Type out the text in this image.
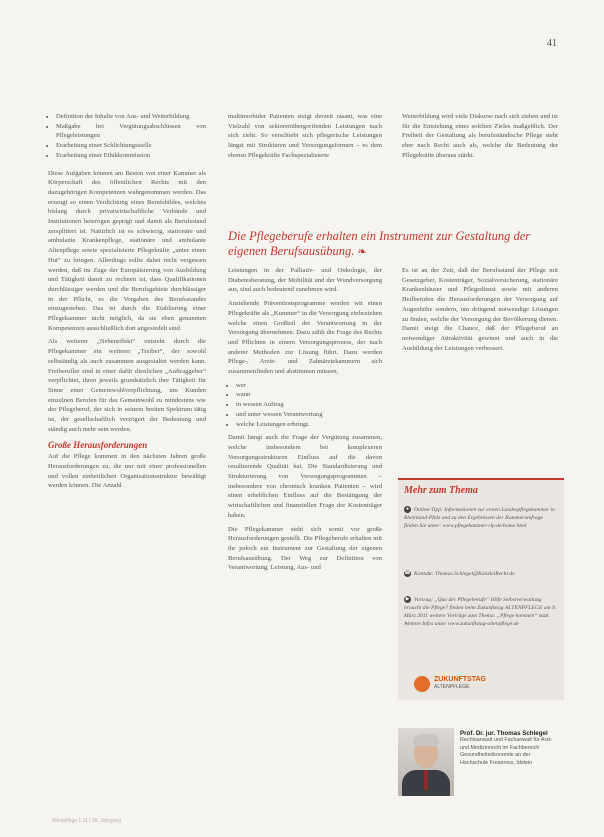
41
• Definition der Inhalte von Aus- und Weiterbildung
• Maßgabe bei Vergütungsabschlüssen von Pflegeleistungen
• Erarbeitung einer Schlichtungsstelle
• Erarbeitung einer Ethikkommission

Diese Aufgaben können am Besten von einer Kammer als Körperschaft des öffentlichen Rechts mit den dazugehörigen Kompetenzen wahrgenommen werden. Das erzeugt so einen Verdichtung eines Berufsbildes, welches bislang durch privatwirtschaftliche Verbände und Institutionen heterogen geprägt und damit als Berufsstand zersplittert ist. Natürlich ist es schwierig, stationäre und ambulante Krankenpflege, stationäre und ambulante Altenpflege sowie spezialisierte Pflegekräfte „unter einen Hut“ zu bringen. Allerdings sollte dabei nicht vergessen werden, daß im Zuge der Europäisierung von Ausbildung und Tätigkeit damit zu rechnen ist, dass Qualifikationen durchlässiger werden und die Berufsgebiete durchlässiger in der Pflicht, es die Vorgaben des Berufsstandes einzugestehen. Das ist durch die Etablierung einer Pflegekammer nicht möglich, da sie eben genannten Kompetenzen ausschließlich dort angesiedelt sind.

Als weiterer „Nebeneffekt“ entsteht durch die Pflegekammer ein weiterer „Treiber“, der sowohl selbständig als auch zusammen ausgestaltet werden kann. Freiberufler sind in einer dafür dienlichen „Auftraggeber“ verpflichtet, ihren jeweils grundsätzlich ihre Tätigkeit für Sinne einer Gemeinwohlverpflichtung, um Kunden einzelnen Berufen für das Gemeinwohl zu mindestens wie der Pflegeberuf, der sich in seinem breiten Spektrum tätig ist, der gesellschaftlich verzögert der Bedeutung und ständig auch mehr sein werden.

Große Herausforderungen

Auf die Pflege kommen in den nächsten Jahren große Herausforderungen zu, die nur mit einer professionellen und vollen einheitlichen Organisationsstruktur bewältigt werden können. Die Anzahl

multimorbider Patienten steigt derzeit rasant, was eine Vielzahl von sektorenübergreifenden Leistungen nach sich zieht. So verschiebt sich pflegerische Leistungen längst mit Strukturen und Versorgungsformen – es dem ebenso Pflegekräfte Fachspezialisierte

Weiterbildung wird viele Diskurse nach sich ziehen und ist für die Entstehung eines solchen Zieles maßgeblich. Der Freiheit der Gestaltung als berufsständische Pflege steht eher nach Recht auch als, welche die Bedeutung der Pflegekräfte überaus stärkt.

Die Pflegeberufe erhalten ein Instrument zur Gestaltung der eigenen Berufsausübung. ❧

Leistungen in der Palliativ- und Onkologie, der Diabetesberatung, der Mobilität und der Wundversorgung aus, sind auch bedeutend zunehmen wird.

Anstehende Präventionsprogramme werden wir einen Pflegekräfte als „Kummer“ in die Versorgung einbeziehen welche einen Großteil der Verantwortung in der Versorgung übernehmen. Dazu zählt die Frage des Rechts und Pflichten in einem Versorgungsprozess, der nach anderer Methoden zur Lösung führt. Dazu werden Pflege-, Arzte- und Zahnärztekammern sich zusammenfinden und abstimmen müssen,

• wer
• wann
• in wessen Auftrag
• und unter wessen Verantwortung
• welche Leistungen erbringt.

Damit hängt auch die Frage der Vergütung zusammen, welche insbesondere bei komplexeren Versorgungsstrukturen Einfluss auf die davon resultierende Qualität hat. Die Standardisierung und Strukturierung von Versorgungsprogrammen – insbesondere von chronisch kranken Patienten – wird einen erheblichen Einfluss auf die Bestätigung der wirtschaftlichen und finanziellen Frage der Kostenträger haben.

Die Pflegekammer steht sich somit vor große Herausforderungen gestellt. Die Pflegeberufe erhalten mit ihr jedoch ein Instrument zur Gestaltung der eigenen Berufsausübung. Der Weg zur Definition von Verantwortung, Leistung, Aus- und

Es ist an der Zeit, daß der Berufsstand der Pflege mit Gesetzgeber, Kostenträger, Sozialversicherung, stationäre Krankenhäuser und Pflegedienst sowie mit anderen Heilberufen die Herausforderungen der Versorgung auf Augenhöhe sondern, um dringend notwendige Lösungen zu finden, welche der Versorgung der Bevölkerung dienen. Damit steigt die Chance, daß der Pflegeberuf an notwendiger Attraktivität gewinnt und auch in die Ausbildung der Leistungen verbessert.

Mehr zum Thema
● Online-Tipp: Informationen zur ersten Landespflegekammer in Rheinland-Pfalz und zu den Ergebnissen der Kammerumfrage finden Sie unter: www.pflegekammer-rlp.de/home.html
☎ Kontakt: Thomas.Schlegel@KanzleiRecht.de
▶ Vortrag: „Quo der Pflegeberufe“ Hilfe Selbstverwaltung braucht die Pflege? finden beim Zukunftstag ALTENPFLEGE am 9. März 2011 weitere Vorträge zum Thema: „Pflege kommen“ statt. Weitere Infos unter www.zukunftstag-altenpflege.de
ZUKUNFTSTAG
ALTENPFLEGE
Prof. Dr. jur. Thomas Schlegel
Rechtsanwalt und Fachanwalt für Arzt- und Medizinrecht im Fachbereich Gesundheitsökonomie an der Hochschule Fresenius, Idstein
Altenpflege 1.11 | 36. Jahrgang
